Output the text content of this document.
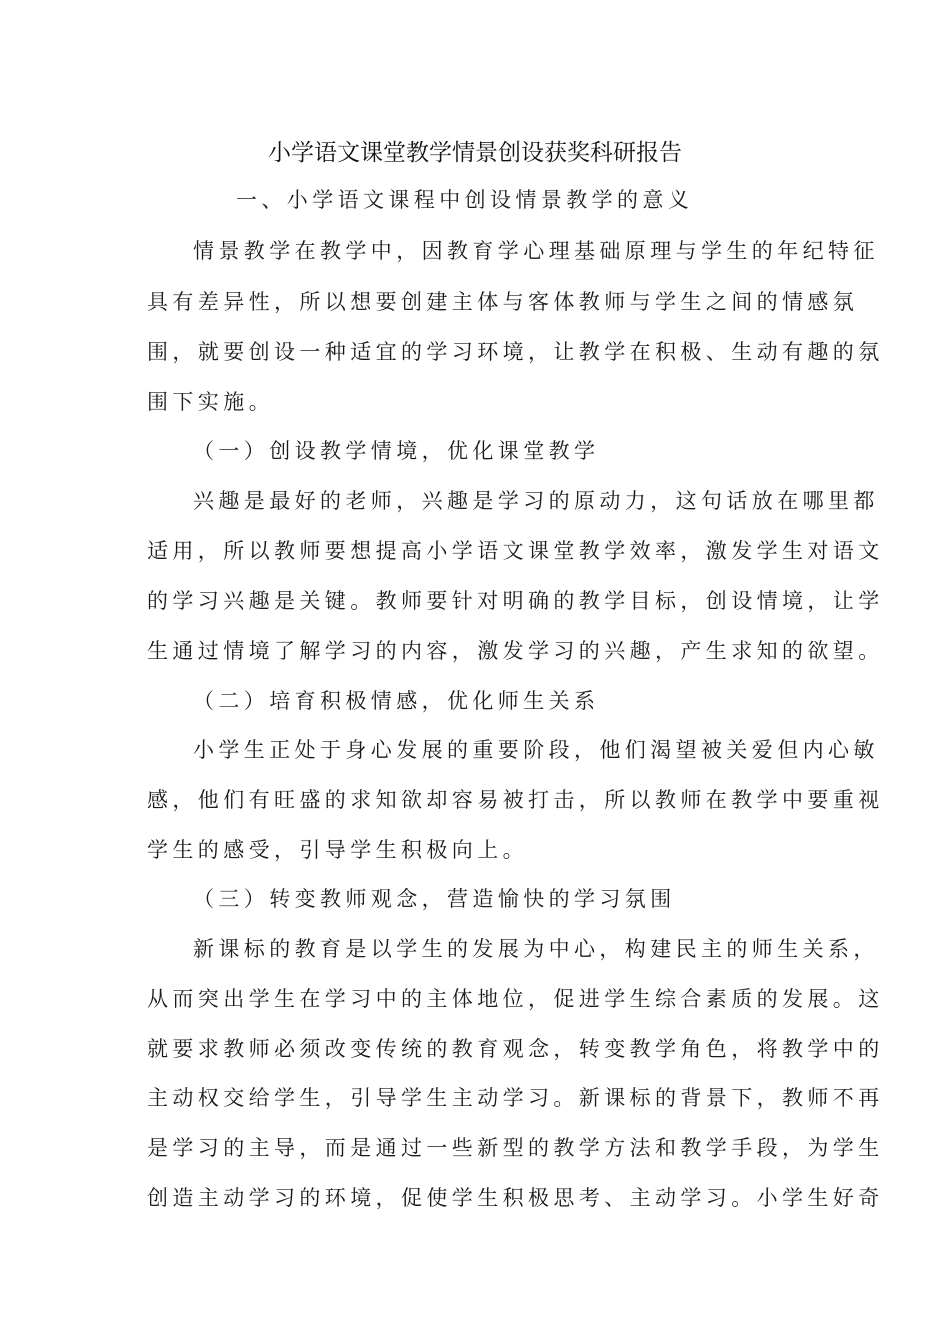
小学语文课堂教学情景创设获奖科研报告
一、小学语文课程中创设情景教学的意义
情景教学在教学中，因教育学心理基础原理与学生的年纪特征
具有差异性，所以想要创建主体与客体教师与学生之间的情感氛
围，就要创设一种适宜的学习环境，让教学在积极、生动有趣的氛
围下实施。
（一）创设教学情境，优化课堂教学
兴趣是最好的老师，兴趣是学习的原动力，这句话放在哪里都
适用，所以教师要想提高小学语文课堂教学效率，激发学生对语文
的学习兴趣是关键。教师要针对明确的教学目标，创设情境，让学
生通过情境了解学习的内容，激发学习的兴趣，产生求知的欲望。
（二）培育积极情感，优化师生关系
小学生正处于身心发展的重要阶段，他们渴望被关爱但内心敏
感，他们有旺盛的求知欲却容易被打击，所以教师在教学中要重视
学生的感受，引导学生积极向上。
（三）转变教师观念，营造愉快的学习氛围
新课标的教育是以学生的发展为中心，构建民主的师生关系，
从而突出学生在学习中的主体地位，促进学生综合素质的发展。这
就要求教师必须改变传统的教育观念，转变教学角色，将教学中的
主动权交给学生，引导学生主动学习。新课标的背景下，教师不再
是学习的主导，而是通过一些新型的教学方法和教学手段，为学生
创造主动学习的环境，促使学生积极思考、主动学习。小学生好奇
